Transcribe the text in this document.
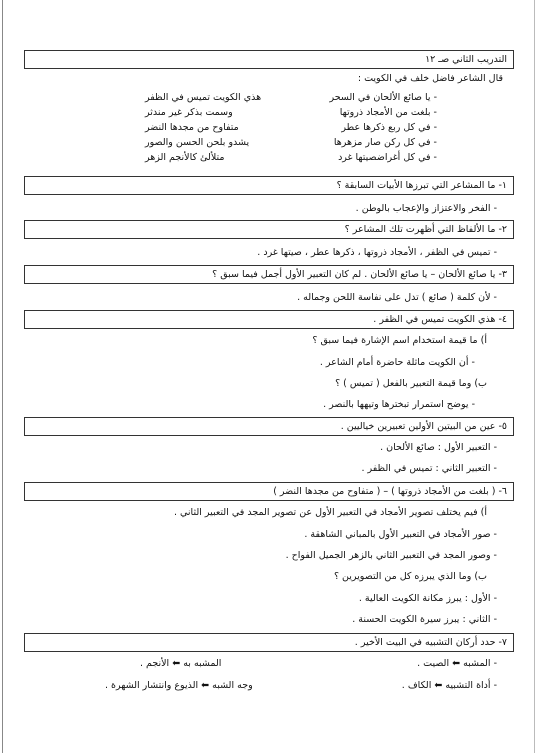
التدريب الثاني صـ ١٢
قال الشاعر فاضل خلف في الكويت :
- يا صائع الألحان في السحر
هذي الكويت تميس في الظفر
- بلغت من الأمجاد ذروتها
وسمت بذكر غير مندثر
- في كل ربع ذكرها عطر
متفاوح من مجدها النضر
- في كل ركن صار مزهرها
يشدو بلحن الحسن والصور
- في كل أغراضصيتها غرد
متلألئ كالأنجم الزهر
١- ما المشاعر التي تبرزها الأبيات السابقة ؟
- الفخر والاعتزاز والإعجاب بالوطن .
٢- ما الألفاظ التي أظهرت تلك المشاعر ؟
- تميس في الظفر ، الأمجاد ذروتها ، ذكرها عطر ، صيتها غرد .
٣- يا صائع الألحان – يا صائع الألحان . لم كان التعبير الأول أجمل فيما سبق ؟
- لأن كلمة ( صائع ) تدل على نفاسة اللحن وجماله .
٤- هذي الكويت تميس في الظفر .
أ) ما قيمة استخدام اسم الإشارة فيما سبق ؟
- أن الكويت ماثلة حاضرة أمام الشاعر .
ب) وما قيمة التعبير بالفعل ( تميس ) ؟
- يوضح استمرار تبخترها وتيهها بالنصر .
٥- عين من البيتين الأولين تعبيرين خياليين .
- التعبير الأول : صائع الألحان .
- التعبير الثاني : تميس في الظفر .
٦- ( بلغت من الأمجاد ذروتها ) – ( متفاوح من مجدها النضر )
أ) فيم يختلف تصوير الأمجاد في التعبير الأول عن تصوير المجد في التعبير الثاني .
- صور الأمجاد في التعبير الأول بالمباني الشاهقة .
- وصور المجد في التعبير الثاني بالزهر الجميل الفواح .
ب) وما الذي يبرزه كل من التصويرين ؟
- الأول : يبرز مكانة الكويت العالية .
- الثاني : يبرز سيرة الكويت الحسنة .
٧- حدد أركان التشبيه في البيت الأخير .
- المشبه ⬅ الصيت .
المشبه به ⬅ الأنجم .
- أداة التشبيه ⬅ الكاف .
وجه الشبه ⬅ الذيوع وانتشار الشهرة .
